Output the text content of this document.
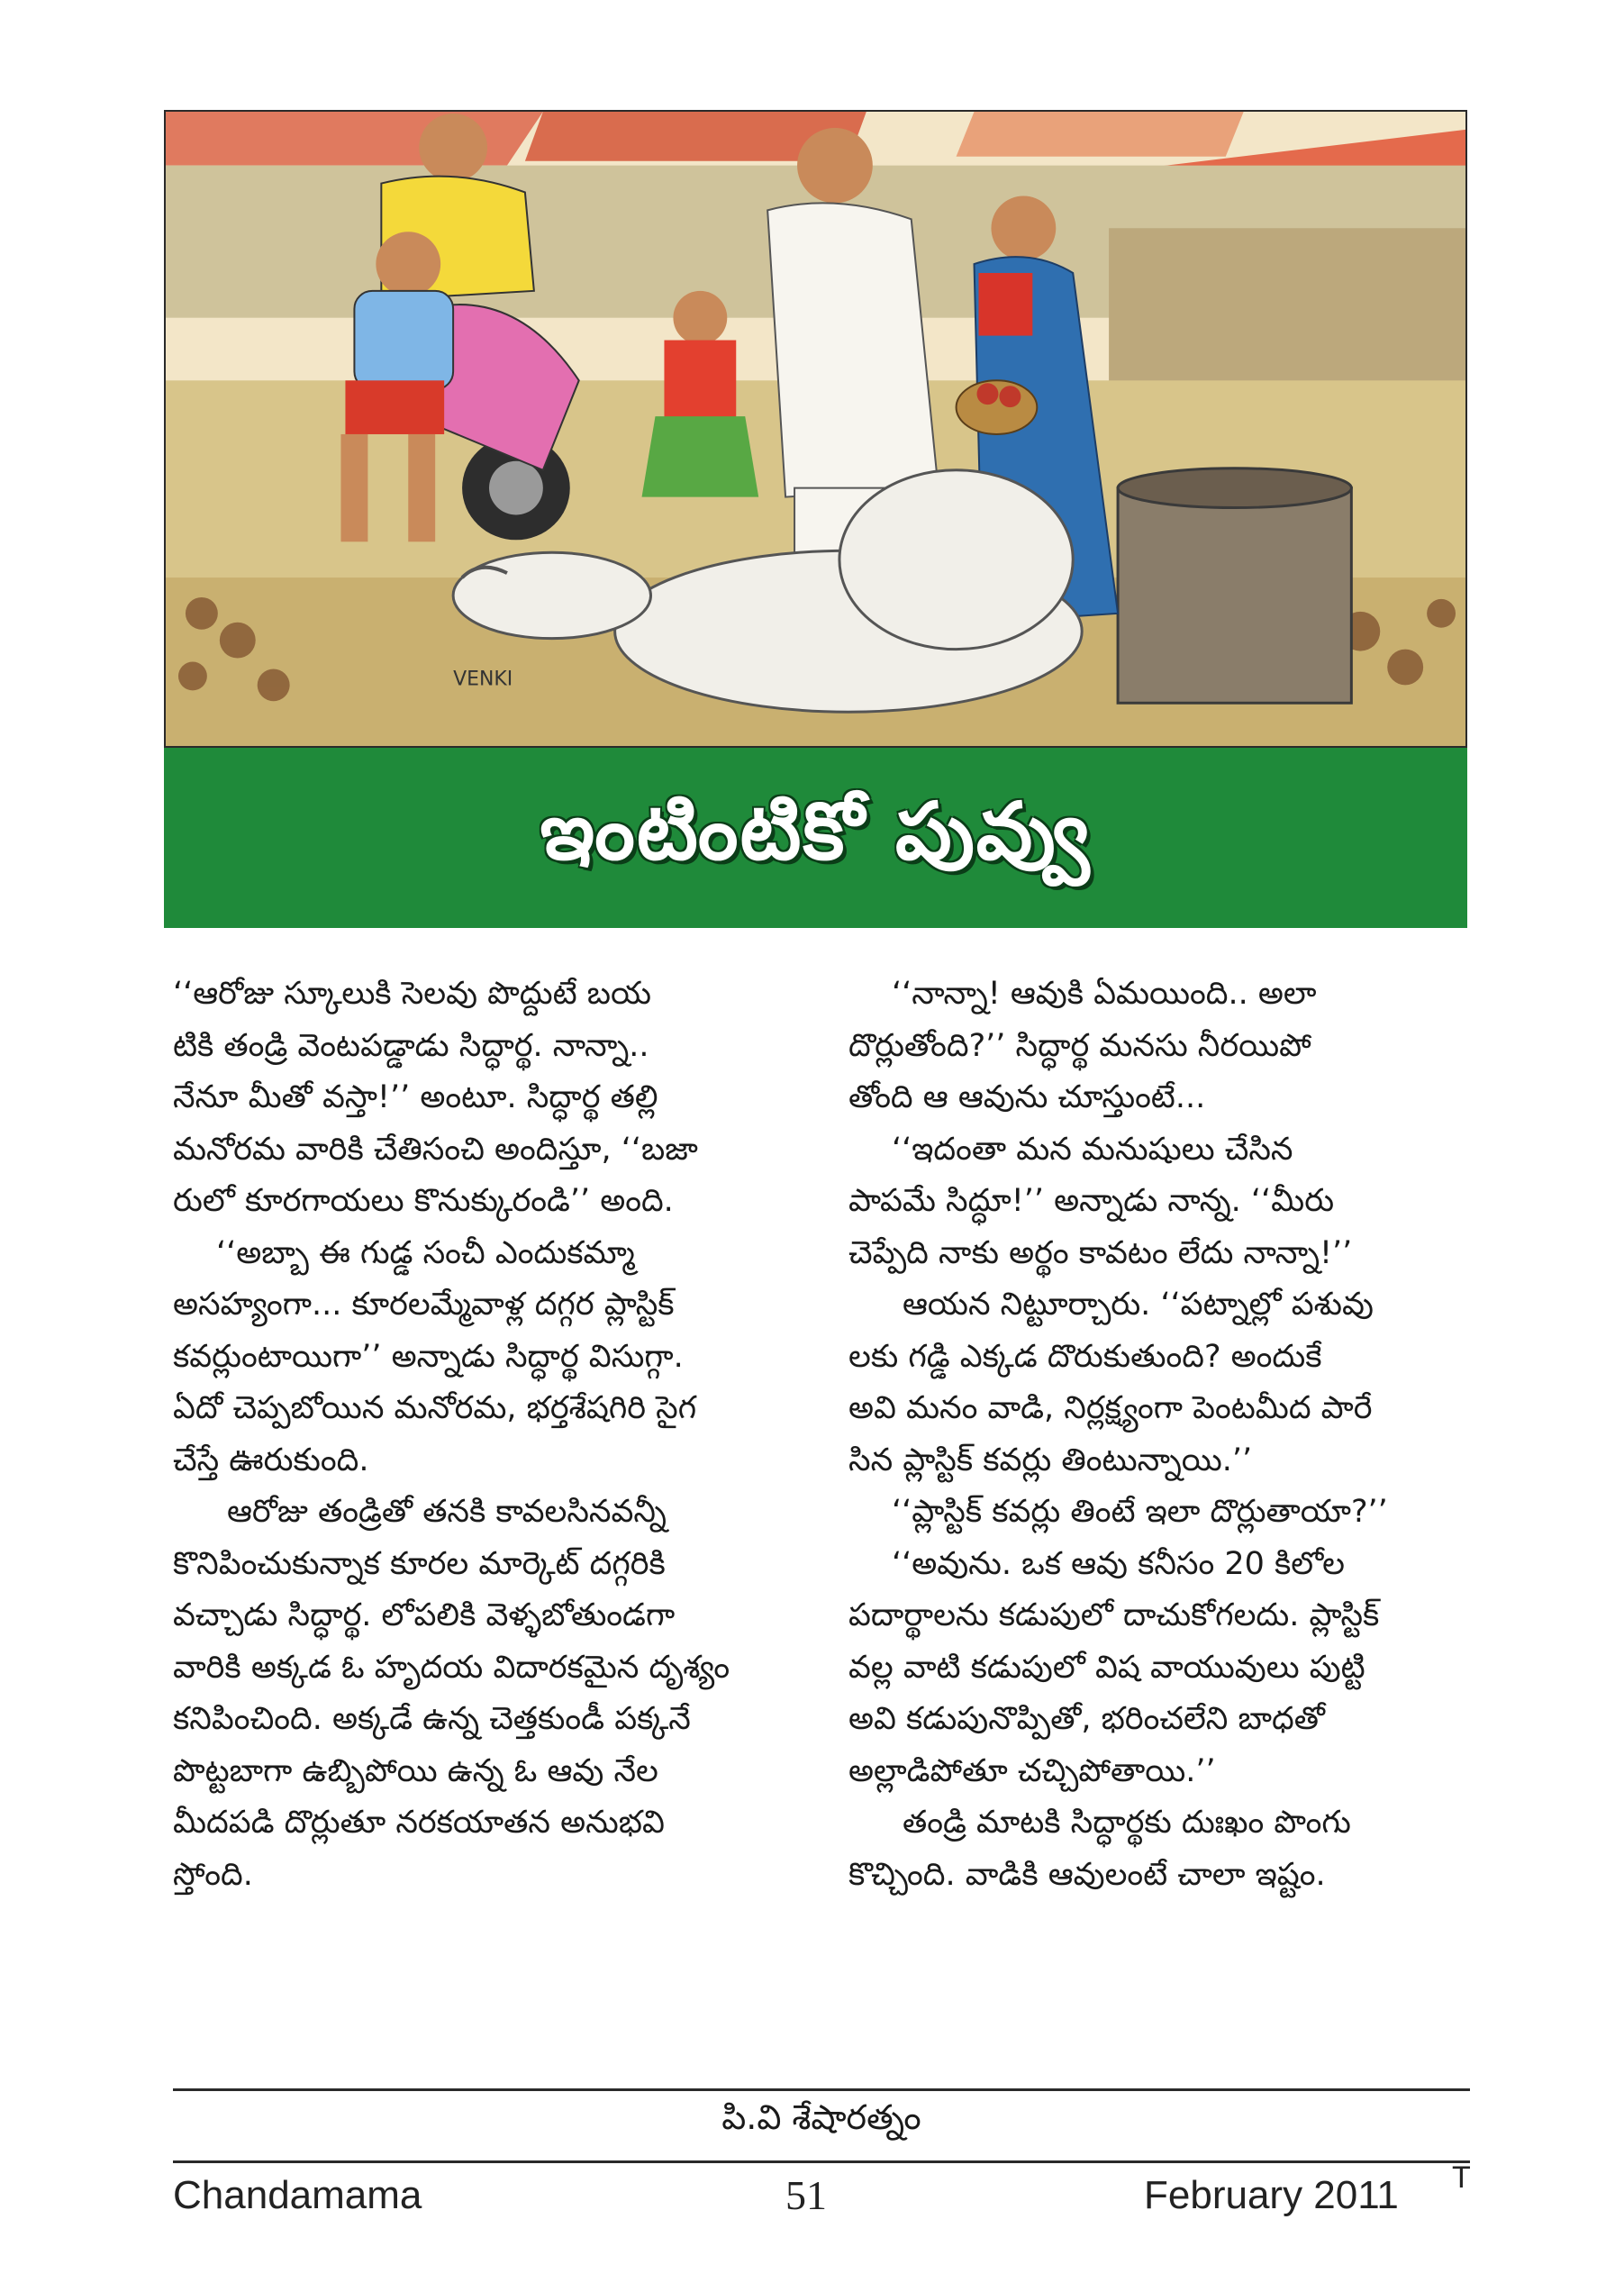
VENKI
ఇంటింటికో పువ్వు
‘‘ఆరోజు స్కూలుకి సెలవు పొద్దుటే బయ
టికి తండ్రి వెంటపడ్డాడు సిద్ధార్థ. నాన్నా..
నేనూ మీతో వస్తా!’’ అంటూ. సిద్ధార్థ తల్లి
మనోరమ వారికి చేతిసంచి అందిస్తూ, ‘‘బజా
రులో కూరగాయలు కొనుక్కురండి’’ అంది.
‘‘అబ్బా ఈ గుడ్డ సంచీ ఎందుకమ్మా
అసహ్యంగా... కూరలమ్మేవాళ్ల దగ్గర ప్లాస్టిక్
కవర్లుంటాయిగా’’ అన్నాడు సిద్ధార్థ విసుగ్గా.
ఏదో చెప్పబోయిన మనోరమ, భర్తశేషగిరి సైగ
చేస్తే ఊరుకుంది.
ఆరోజు తండ్రితో తనకి కావలసినవన్నీ
కొనిపించుకున్నాక కూరల మార్కెట్ దగ్గరికి
వచ్చాడు సిద్ధార్థ. లోపలికి వెళ్ళబోతుండగా
వారికి అక్కడ ఓ హృదయ విదారకమైన దృశ్యం
కనిపించింది. అక్కడే ఉన్న చెత్తకుండీ పక్కనే
పొట్టబాగా ఉబ్బిపోయి ఉన్న ఓ ఆవు నేల
మీదపడి దొర్లుతూ నరకయాతన అనుభవి
స్తోంది.
‘‘నాన్నా! ఆవుకి ఏమయింది.. అలా
దొర్లుతోంది?’’ సిద్ధార్థ మనసు నీరయిపో
తోంది ఆ ఆవును చూస్తుంటే...
‘‘ఇదంతా మన మనుషులు చేసిన
పాపమే సిద్ధూ!’’ అన్నాడు నాన్న. ‘‘మీరు
చెప్పేది నాకు అర్థం కావటం లేదు నాన్నా!’’
ఆయన నిట్టూర్చారు. ‘‘పట్నాల్లో పశువు
లకు గడ్డి ఎక్కడ దొరుకుతుంది? అందుకే
అవి మనం వాడి, నిర్లక్ష్యంగా పెంటమీద పారే
సిన ప్లాస్టిక్ కవర్లు తింటున్నాయి.’’
‘‘ప్లాస్టిక్ కవర్లు తింటే ఇలా దొర్లుతాయా?’’
‘‘అవును. ఒక ఆవు కనీసం 20 కిలోల
పదార్థాలను కడుపులో దాచుకోగలదు. ప్లాస్టిక్
వల్ల వాటి కడుపులో విష వాయువులు పుట్టి
అవి కడుపునొప్పితో, భరించలేని బాధతో
అల్లాడిపోతూ చచ్చిపోతాయి.’’
తండ్రి మాటకి సిద్ధార్థకు దుఃఖం పొంగు
కొచ్చింది. వాడికి ఆవులంటే చాలా ఇష్టం.
పి.వి శేషారత్నం
Chandamama	51	February 2011 T
